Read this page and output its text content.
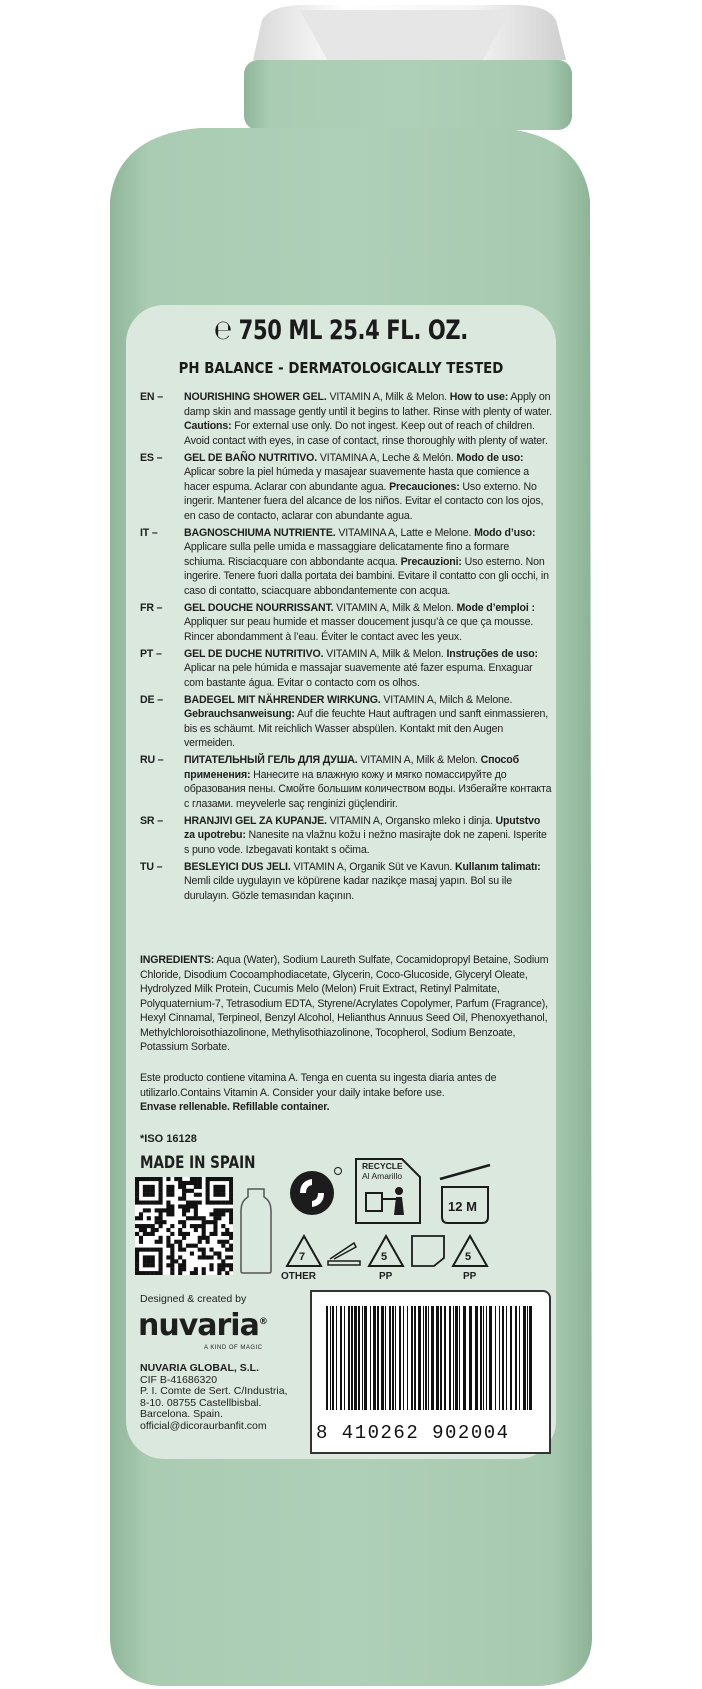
℮ 750 ML 25.4 FL. OZ.
PH BALANCE - DERMATOLOGICALLY TESTED
EN – NOURISHING SHOWER GEL. VITAMIN A, Milk & Melon. How to use: Apply on damp skin and massage gently until it begins to lather. Rinse with plenty of water. Cautions: For external use only. Do not ingest. Keep out of reach of children. Avoid contact with eyes, in case of contact, rinse thoroughly with plenty of water.
ES – GEL DE BAÑO NUTRITIVO. VITAMINA A, Leche & Melón. Modo de uso: Aplicar sobre la piel húmeda y masajear suavemente hasta que comience a hacer espuma. Aclarar con abundante agua. Precauciones: Uso externo. No ingerir. Mantener fuera del alcance de los niños. Evitar el contacto con los ojos, en caso de contacto, aclarar con abundante agua.
IT – BAGNOSCHIUMA NUTRIENTE. VITAMINA A, Latte e Melone. Modo d’uso: Applicare sulla pelle umida e massaggiare delicatamente fino a formare schiuma. Risciacquare con abbondante acqua. Precauzioni: Uso esterno. Non ingerire. Tenere fuori dalla portata dei bambini. Evitare il contatto con gli occhi, in caso di contatto, sciacquare abbondantemente con acqua.
FR – GEL DOUCHE NOURRISSANT. VITAMIN A, Milk & Melon. Mode d’emploi : Appliquer sur peau humide et masser doucement jusqu’à ce que ça mousse. Rincer abondamment à l’eau. Éviter le contact avec les yeux.
PT – GEL DE DUCHE NUTRITIVO. VITAMIN A, Milk & Melon. Instruções de uso: Aplicar na pele húmida e massajar suavemente até fazer espuma. Enxaguar com bastante água. Evitar o contacto com os olhos.
DE – BADEGEL MIT NÄHRENDER WIRKUNG. VITAMIN A, Milch & Melone. Gebrauchsanweisung: Auf die feuchte Haut auftragen und sanft einmassieren, bis es schäumt. Mit reichlich Wasser abspülen. Kontakt mit den Augen vermeiden.
RU – ПИТАТЕЛЬНЫЙ ГЕЛЬ ДЛЯ ДУША. VITAMIN A, Milk & Melon. Способ применения: Нанесите на влажную кожу и мягко помассируйте до образования пены. Смойте большим количеством воды. Избегайте контакта с глазами. meyvelerle saç renginizi güçlendirir.
SR – HRANJIVI GEL ZA KUPANJE. VITAMIN A, Organsko mleko i dinja. Uputstvo za upotrebu: Nanesite na vlažnu kožu i nežno masirajte dok ne zapeni. Isperite s puno vode. Izbegavati kontakt s očima.
TU – BESLEYICI DUS JELI. VITAMIN A, Organik Süt ve Kavun. Kullanım talimatı: Nemli cilde uygulayın ve köpürene kadar nazikçe masaj yapın. Bol su ile durulayın. Gözle temasından kaçının.
INGREDIENTS: Aqua (Water), Sodium Laureth Sulfate, Cocamidopropyl Betaine, Sodium Chloride, Disodium Cocoamphodiacetate, Glycerin, Coco-Glucoside, Glyceryl Oleate, Hydrolyzed Milk Protein, Cucumis Melo (Melon) Fruit Extract, Retinyl Palmitate, Polyquaternium-7, Tetrasodium EDTA, Styrene/Acrylates Copolymer, Parfum (Fragrance), Hexyl Cinnamal, Terpineol, Benzyl Alcohol, Helianthus Annuus Seed Oil, Phenoxyethanol, Methylchloroisothiazolinone, Methylisothiazolinone, Tocopherol, Sodium Benzoate, Potassium Sorbate.
Este producto contiene vitamina A. Tenga en cuenta su ingesta diaria antes de utilizarlo.Contains Vitamin A. Consider your daily intake before use.
Envase rellenable. Refillable container.
*ISO 16128
MADE IN SPAIN	RECYCLE
Al Amarillo
12 M
7
OTHER
5
PP
5
PP
Designed & created by
nuvaria®
A KIND OF MAGIC
NUVARIA GLOBAL, S.L.
CIF B-41686320
P. I. Comte de Sert. C/Industria,
8-10. 08755 Castellbisbal.
Barcelona. Spain.
official@dicoraurbanfit.com	8 410262 902004
